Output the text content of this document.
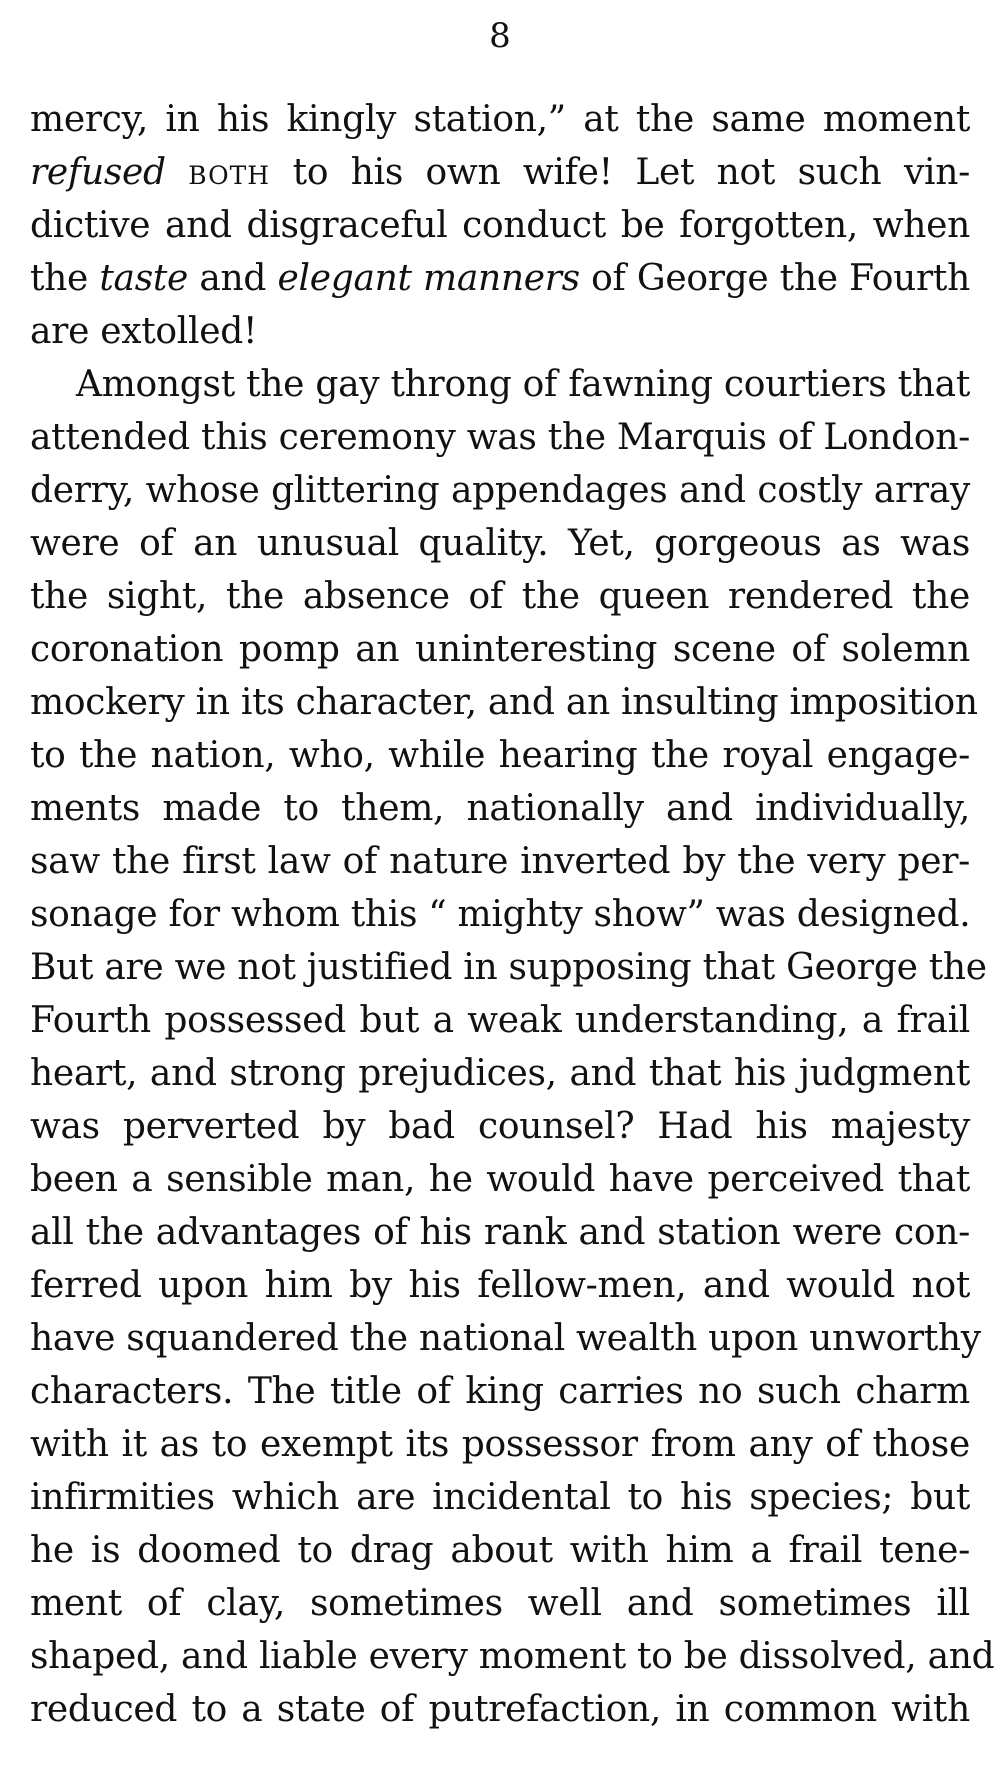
8
mercy, in his kingly station,” at the same moment
refused both to his own wife! Let not such vin-
dictive and disgraceful conduct be forgotten, when
the taste and elegant manners of George the Fourth
are extolled!
Amongst the gay throng of fawning courtiers that
attended this ceremony was the Marquis of London-
derry, whose glittering appendages and costly array
were of an unusual quality. Yet, gorgeous as was
the sight, the absence of the queen rendered the
coronation pomp an uninteresting scene of solemn
mockery in its character, and an insulting imposition
to the nation, who, while hearing the royal engage-
ments made to them, nationally and individually,
saw the first law of nature inverted by the very per-
sonage for whom this “ mighty show” was designed.
But are we not justified in supposing that George the
Fourth possessed but a weak understanding, a frail
heart, and strong prejudices, and that his judgment
was perverted by bad counsel? Had his majesty
been a sensible man, he would have perceived that
all the advantages of his rank and station were con-
ferred upon him by his fellow-men, and would not
have squandered the national wealth upon unworthy
characters. The title of king carries no such charm
with it as to exempt its possessor from any of those
infirmities which are incidental to his species; but
he is doomed to drag about with him a frail tene-
ment of clay, sometimes well and sometimes ill
shaped, and liable every moment to be dissolved, and
reduced to a state of putrefaction, in common with
